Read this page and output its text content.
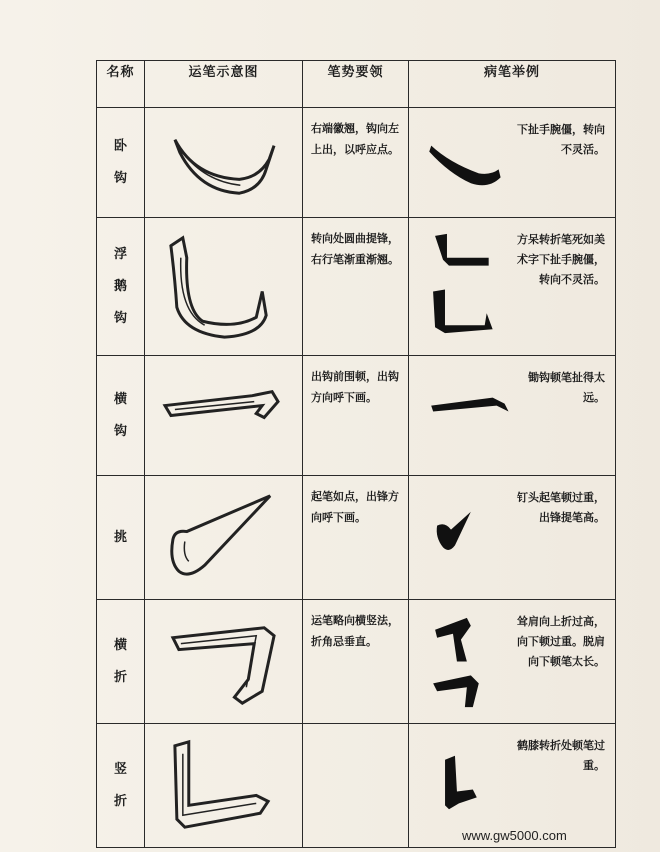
名称	运笔示意图	笔势要领	病笔举例

卧
钩		右端徽翘，钩向左上出，以呼应点。	下扯手腕僵，转向不灵活。

浮
鹅
钩		转向处圆曲提锋，右行笔渐重渐翘。	方呆转折笔死如美术字下扯手腕僵，转向不灵活。

横
钩		出钩前围顿，出钩方向呼下画。	锄钩顿笔扯得太远。

挑		起笔如点，出锋方向呼下画。	钉头起笔顿过重，出锋提笔高。

横
折		运笔略向横竖法，折角忌垂直。	耸肩向上折过高，向下顿过重。脱肩向下顿笔太长。

竖
折			鹤膝转折处顿笔过重。

www.gw5000.com
